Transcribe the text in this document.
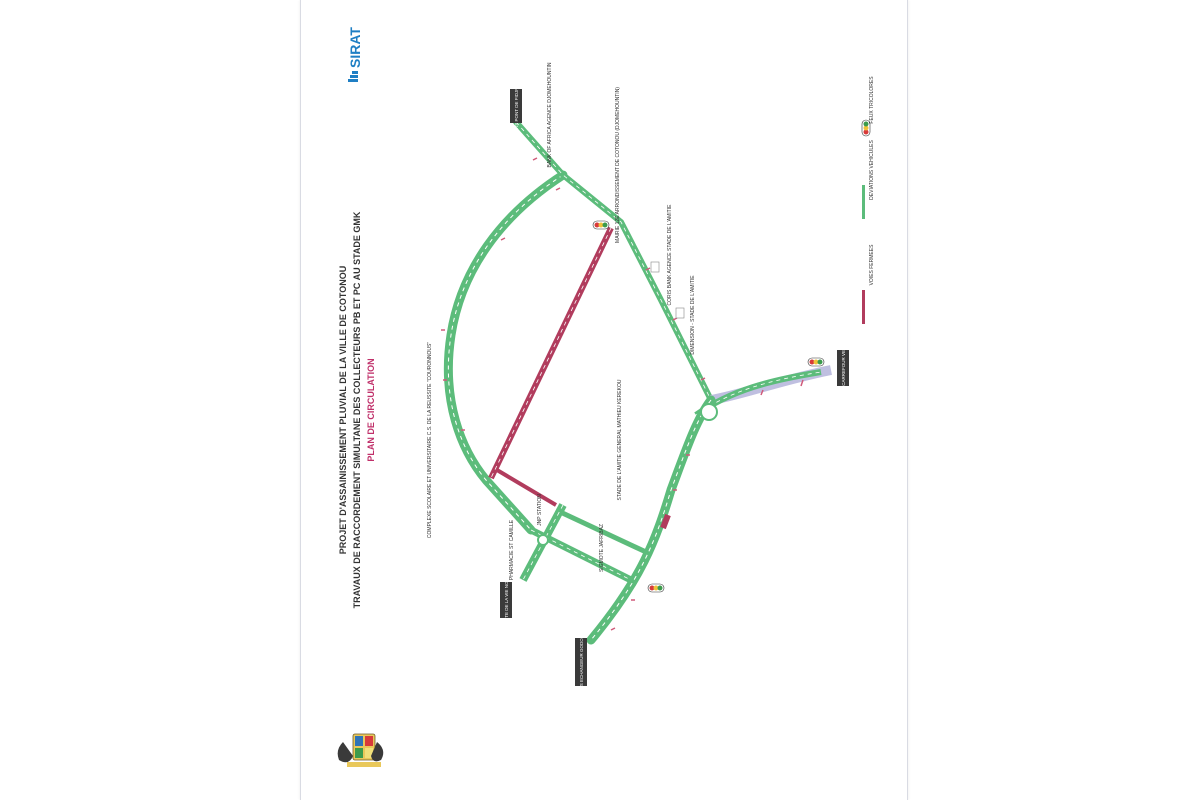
PROJET D'ASSAINISSEMENT PLUVIAL DE LA VILLE DE COTONOU TRAVAUX DE RACCORDEMENT SIMULTANE DES COLLECTEURS PB ET PC AU STADE GMK PLAN DE CIRCULATION
SIRAT
VERS PONT DE FIDJROSSE
VERS CARREFOUR VEDOKO
VERS CITE DE LA VIE NOUVELLE
VERS ECHANGEUR GODOMEY
BANK OF AFRICA AGENCE DJOMEHOUNTIN	MAIRIE 12E ARRONDISSEMENT DE COTONOU (DJOMEHOUNTIN)
CORIS BANK AGENCE STADE DE L'AMITIE
DIMENSION - STADE DE L'AMITIE
STADE DE L'AMITIE GENERAL MATHIEU KEREKOU
COMPLEXE SCOLAIRE ET UNIVERSITAIRE C.S. DE LA REUSSITE "COURONNOUS"
PHARMACIE ST CAMILLE
JNP STATION
SIGMOTE JAFRIBAZ
VOIES FERMEES
DEVIATIONS VEHICULES
FEUX TRICOLORES
